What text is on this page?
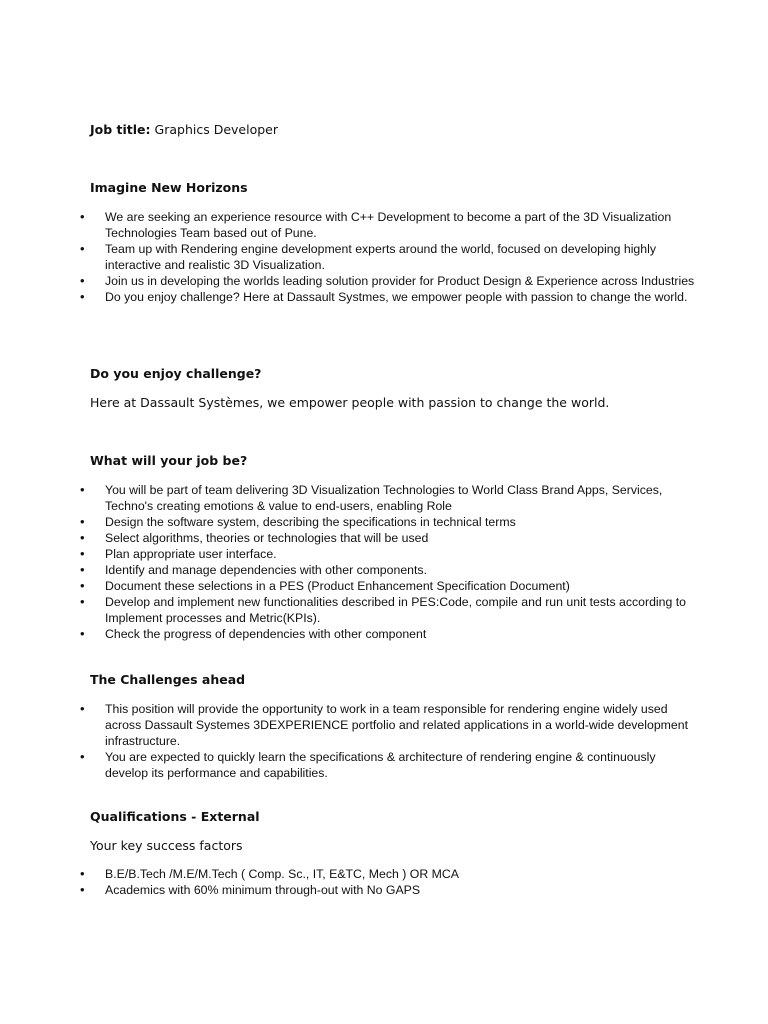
Job title: Graphics Developer
Imagine New Horizons
• We are seeking an experience resource with C++ Development to become a part of the 3D Visualization Technologies Team based out of Pune.
• Team up with Rendering engine development experts around the world, focused on developing highly interactive and realistic 3D Visualization.
• Join us in developing the worlds leading solution provider for Product Design & Experience across Industries
• Do you enjoy challenge? Here at Dassault Systmes, we empower people with passion to change the world.
Do you enjoy challenge?
Here at Dassault Systèmes, we empower people with passion to change the world.
What will your job be?
• You will be part of team delivering 3D Visualization Technologies to World Class Brand Apps, Services, Techno's creating emotions & value to end-users, enabling Role
• Design the software system, describing the specifications in technical terms
• Select algorithms, theories or technologies that will be used
• Plan appropriate user interface.
• Identify and manage dependencies with other components.
• Document these selections in a PES (Product Enhancement Specification Document)
• Develop and implement new functionalities described in PES:Code, compile and run unit tests according to Implement processes and Metric(KPIs).
• Check the progress of dependencies with other component
The Challenges ahead
• This position will provide the opportunity to work in a team responsible for rendering engine widely used across Dassault Systemes 3DEXPERIENCE portfolio and related applications in a world-wide development infrastructure.
• You are expected to quickly learn the specifications & architecture of rendering engine & continuously develop its performance and capabilities.
Qualifications - External
Your key success factors
• B.E/B.Tech /M.E/M.Tech ( Comp. Sc., IT, E&TC, Mech ) OR MCA
• Academics with 60% minimum through-out with No GAPS
